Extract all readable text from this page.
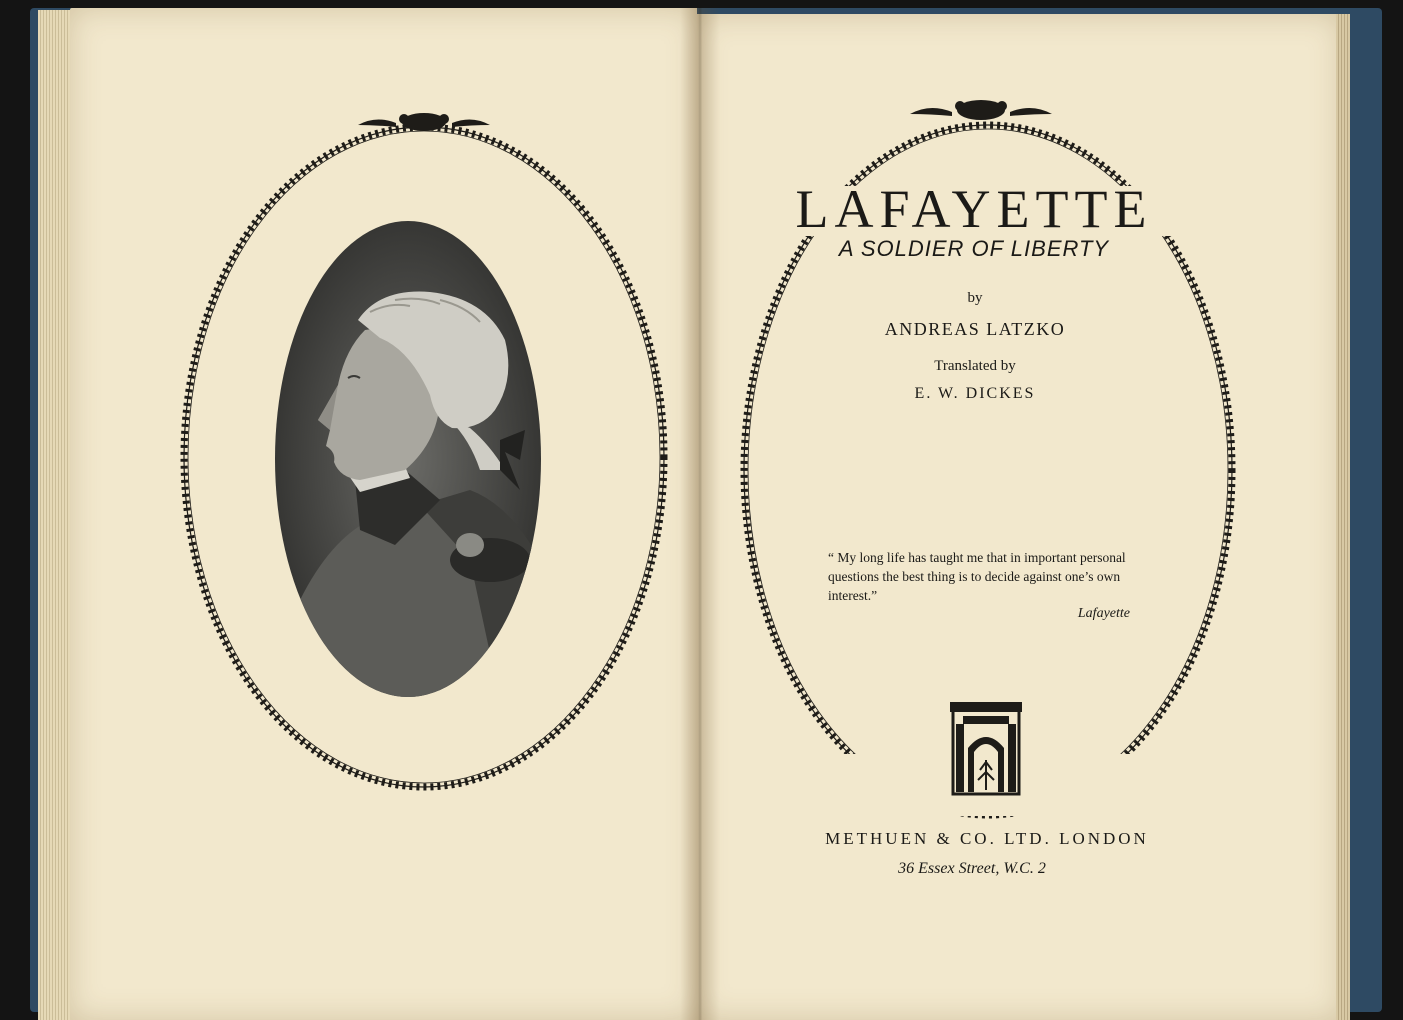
LAFAYETTE

A SOLDIER OF LIBERTY

by

ANDREAS LATZKO

Translated by

E. W. DICKES

“ My long life has taught me that in important personal questions the best thing is to decide against one’s own interest.”

Lafayette

METHUEN & CO. LTD. LONDON

36 Essex Street, W.C. 2
